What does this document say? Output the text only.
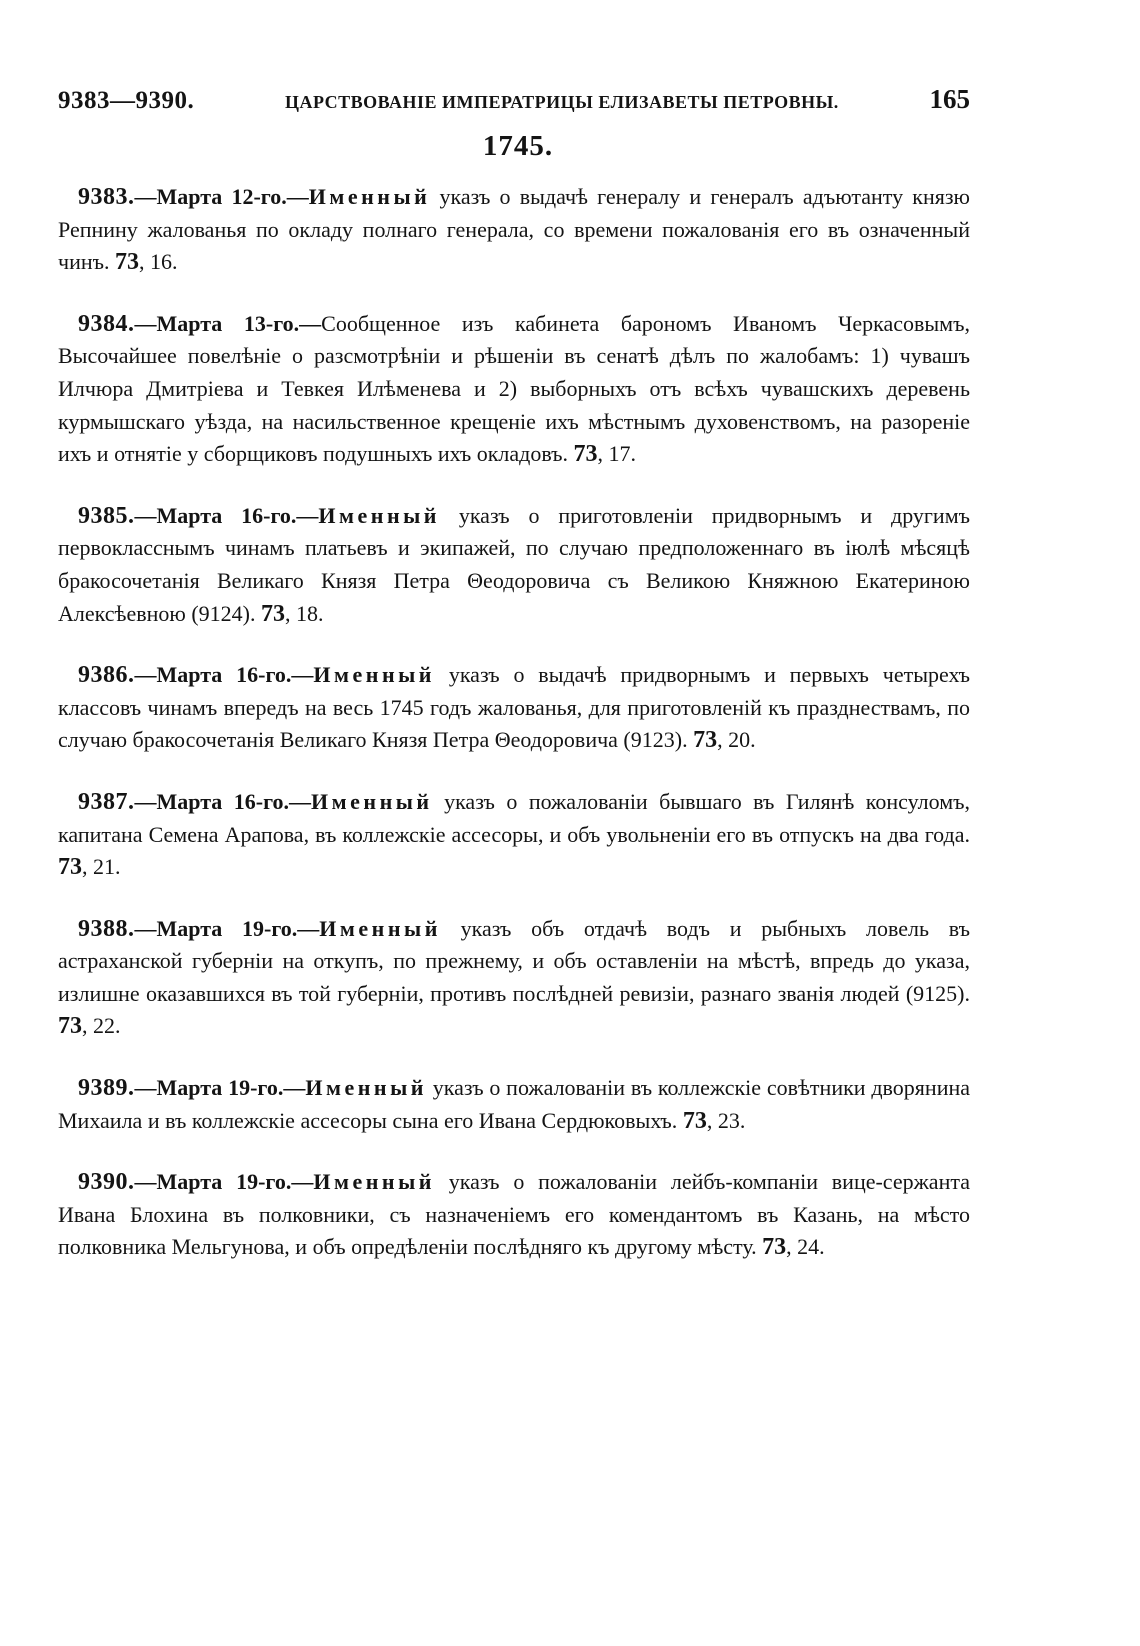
9383—9390.	ЦАРСТВОВАНІЕ ИМПЕРАТРИЦЫ ЕЛИЗАВЕТЫ ПЕТРОВНЫ.	165
1745.

9383.—Марта 12-го.—Именный указъ о выдачѣ генералу и генералъ адъютанту князю Репнину жалованья по окладу полнаго генерала, со времени пожалованія его въ означенный чинъ. 73, 16.

9384.—Марта 13-го.—Сообщенное изъ кабинета барономъ Иваномъ Черкасовымъ, Высочайшее повелѣніе о разсмотрѣніи и рѣшеніи въ сенатѣ дѣлъ по жалобамъ: 1) чувашъ Илчюра Дмитріева и Тевкея Илѣменева и 2) выборныхъ отъ всѣхъ чувашскихъ деревень курмышскаго уѣзда, на насильственное крещеніе ихъ мѣстнымъ духовенствомъ, на разореніе ихъ и отнятіе у сборщиковъ подушныхъ ихъ окладовъ. 73, 17.

9385.—Марта 16-го.—Именный указъ о приготовленіи придворнымъ и другимъ первокласснымъ чинамъ платьевъ и экипажей, по случаю предположеннаго въ іюлѣ мѣсяцѣ бракосочетанія Великаго Князя Петра Θеодоровича съ Великою Княжною Екатериною Алексѣевною (9124). 73, 18.

9386.—Марта 16-го.—Именный указъ о выдачѣ придворнымъ и первыхъ четырехъ классовъ чинамъ впередъ на весь 1745 годъ жалованья, для приготовленій къ празднествамъ, по случаю бракосочетанія Великаго Князя Петра Θеодоровича (9123). 73, 20.

9387.—Марта 16-го.—Именный указъ о пожалованіи бывшаго въ Гилянѣ консуломъ, капитана Семена Арапова, въ коллежскіе ассесоры, и объ увольненіи его въ отпускъ на два года. 73, 21.

9388.—Марта 19-го.—Именный указъ объ отдачѣ водъ и рыбныхъ ловель въ астраханской губерніи на откупъ, по прежнему, и объ оставленіи на мѣстѣ, впредь до указа, излишне оказавшихся въ той губерніи, противъ послѣдней ревизіи, разнаго званія людей (9125). 73, 22.

9389.—Марта 19-го.—Именный указъ о пожалованіи въ коллежскіе совѣтники дворянина Михаила и въ коллежскіе ассесоры сына его Ивана Сердюковыхъ. 73, 23.

9390.—Марта 19-го.—Именный указъ о пожалованіи лейбъ-компаніи вице-сержанта Ивана Блохина въ полковники, съ назначеніемъ его комендантомъ въ Казань, на мѣсто полковника Мельгунова, и объ опредѣленіи послѣдняго къ другому мѣсту. 73, 24.
